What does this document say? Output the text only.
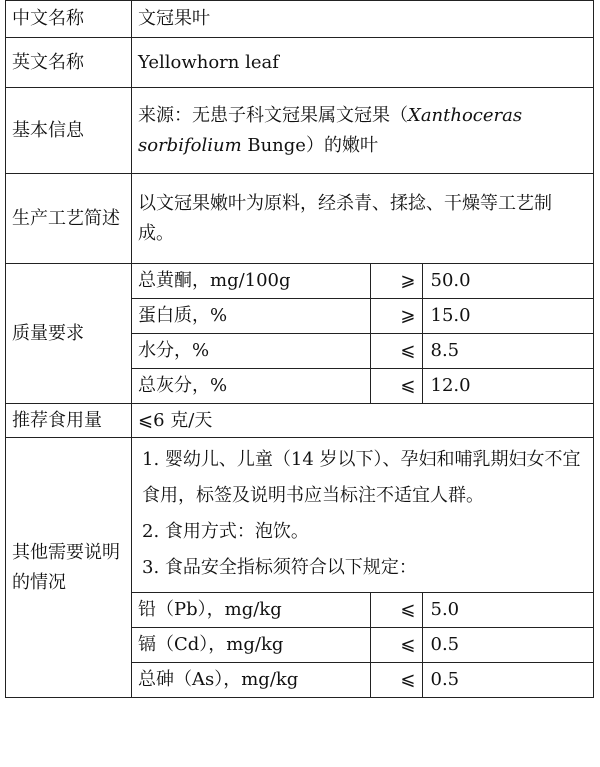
中文名称	文冠果叶
英文名称	Yellowhorn leaf
基本信息	来源：无患子科文冠果属文冠果（Xanthoceras sorbifolium Bunge）的嫩叶
生产工艺简述	以文冠果嫩叶为原料，经杀青、揉捻、干燥等工艺制成。
质量要求	
总黄酮，mg/100g	⩾	50.0
蛋白质，%	⩾	15.0
水分，%	⩽	8.5
总灰分，%	⩽	12.0

推荐食用量	⩽6 克/天
其他需要说明的情况	
1. 婴幼儿、儿童（14 岁以下）、孕妇和哺乳期妇女不宜食用，标签及说明书应当标注不适宜人群。
2. 食用方式：泡饮。
3. 食品安全指标须符合以下规定：
铅（Pb），mg/kg	⩽	5.0
镉（Cd），mg/kg	⩽	0.5
总砷（As），mg/kg	⩽	0.5
